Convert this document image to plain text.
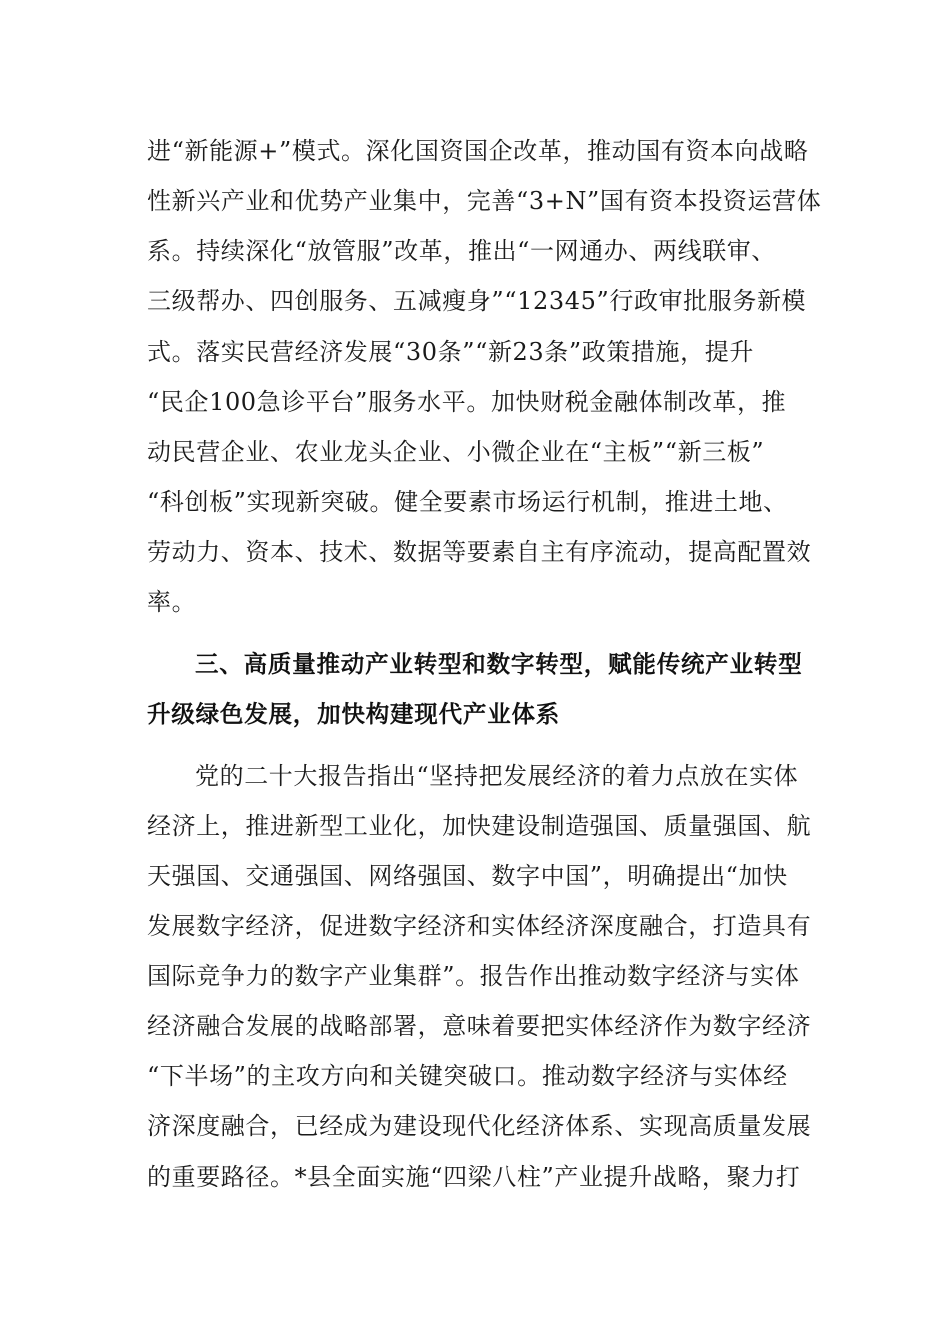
进“新能源+”模式。深化国资国企改革，推动国有资本向战略
性新兴产业和优势产业集中，完善“3+N”国有资本投资运营体
系。持续深化“放管服”改革，推出“一网通办、两线联审、
三级帮办、四创服务、五减瘦身”“12345”行政审批服务新模
式。落实民营经济发展“30条”“新23条”政策措施，提升
“民企100急诊平台”服务水平。加快财税金融体制改革，推
动民营企业、农业龙头企业、小微企业在“主板”“新三板”
“科创板”实现新突破。健全要素市场运行机制，推进土地、
劳动力、资本、技术、数据等要素自主有序流动，提高配置效
率。
三、高质量推动产业转型和数字转型，赋能传统产业转型
升级绿色发展，加快构建现代产业体系
党的二十大报告指出“坚持把发展经济的着力点放在实体
经济上，推进新型工业化，加快建设制造强国、质量强国、航
天强国、交通强国、网络强国、数字中国”，明确提出“加快
发展数字经济，促进数字经济和实体经济深度融合，打造具有
国际竞争力的数字产业集群”。报告作出推动数字经济与实体
经济融合发展的战略部署，意味着要把实体经济作为数字经济
“下半场”的主攻方向和关键突破口。推动数字经济与实体经
济深度融合，已经成为建设现代化经济体系、实现高质量发展
的重要路径。*县全面实施“四梁八柱”产业提升战略，聚力打
